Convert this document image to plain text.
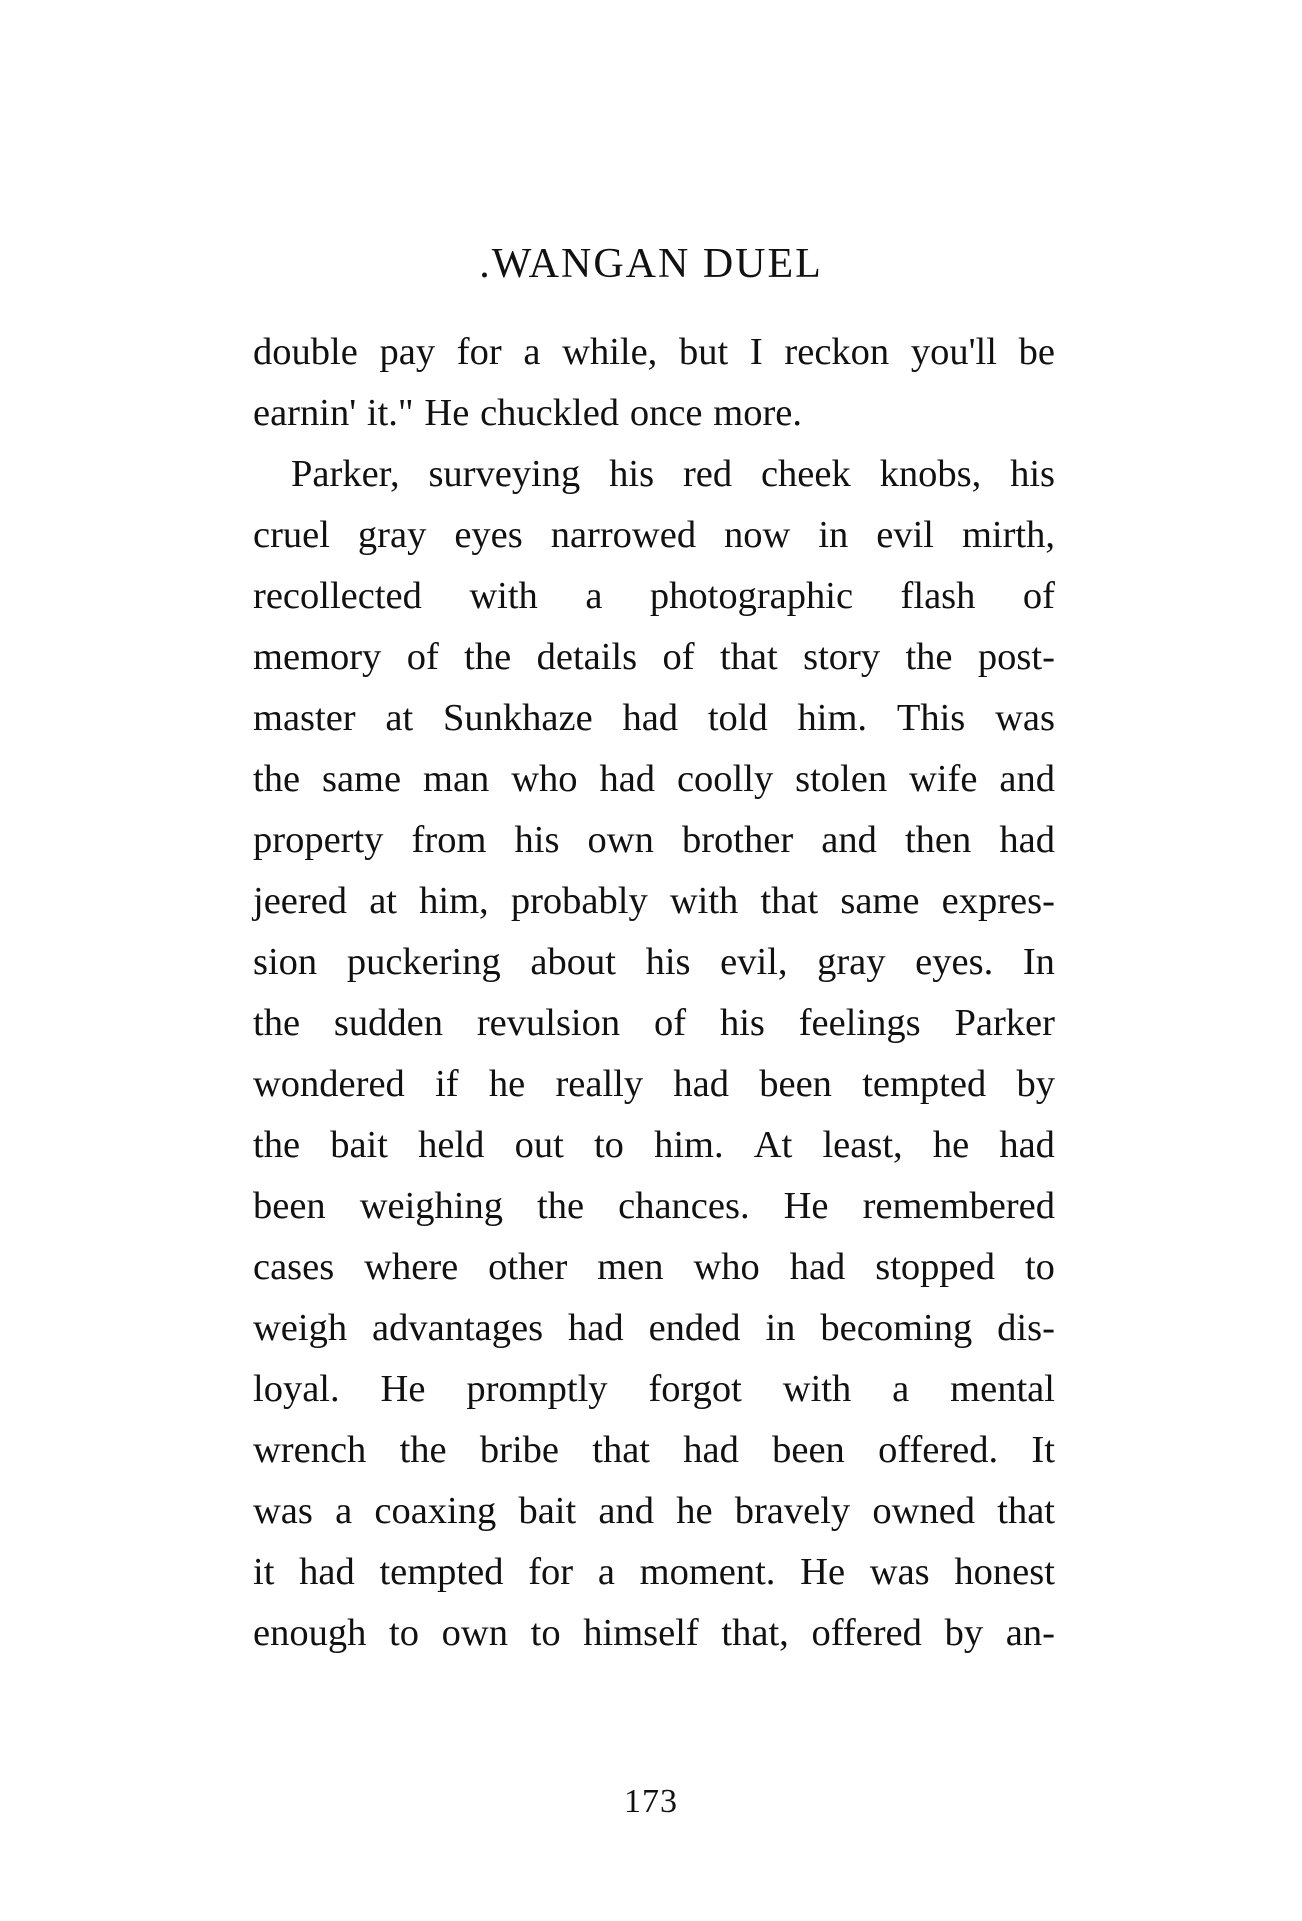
.WANGAN DUEL
double pay for a while, but I reckon you'll be
earnin' it." He chuckled once more.
Parker, surveying his red cheek knobs, his
cruel gray eyes narrowed now in evil mirth,
recollected with a photographic flash of
memory of the details of that story the post-
master at Sunkhaze had told him. This was
the same man who had coolly stolen wife and
property from his own brother and then had
jeered at him, probably with that same expres-
sion puckering about his evil, gray eyes. In
the sudden revulsion of his feelings Parker
wondered if he really had been tempted by
the bait held out to him. At least, he had
been weighing the chances. He remembered
cases where other men who had stopped to
weigh advantages had ended in becoming dis-
loyal. He promptly forgot with a mental
wrench the bribe that had been offered. It
was a coaxing bait and he bravely owned that
it had tempted for a moment. He was honest
enough to own to himself that, offered by an-
173
